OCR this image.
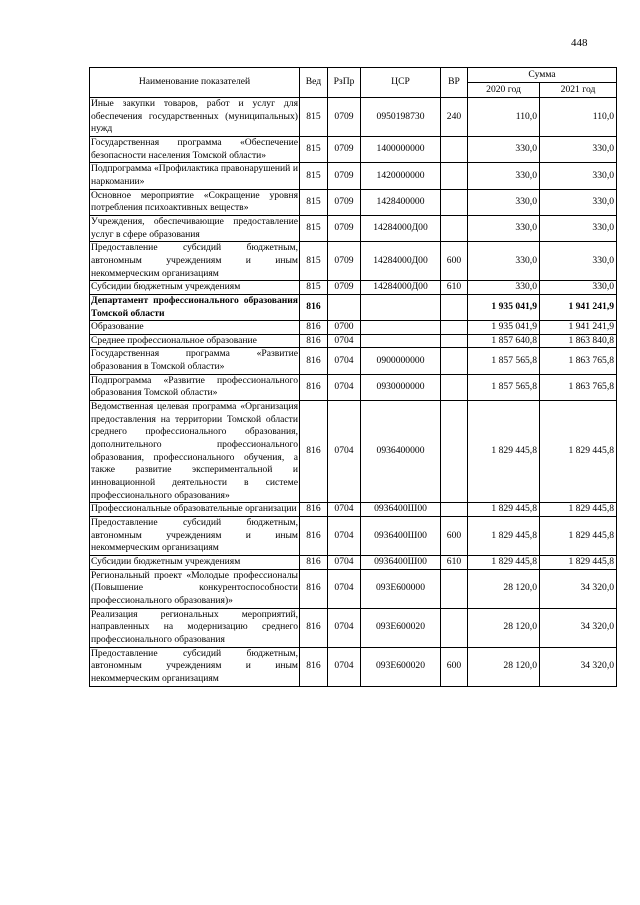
448
Наименование показателей	Вед	РзПр	ЦСР	ВР	Сумма	
					2020 год	2021 год
Иные закупки товаров, работ и услуг для обеспечения государственных (муниципальных) нужд	815	0709	0950198730	240	110,0	110,0
Государственная программа «Обеспечение безопасности населения Томской области»	815	0709	1400000000		330,0	330,0
Подпрограмма «Профилактика правонарушений и наркомании»	815	0709	1420000000		330,0	330,0
Основное мероприятие «Сокращение уровня потребления психоактивных веществ»	815	0709	1428400000		330,0	330,0
Учреждения, обеспечивающие предоставление услуг в сфере образования	815	0709	14284000Д00		330,0	330,0
Предоставление субсидий бюджетным, автономным учреждениям и иным некоммерческим организациям	815	0709	14284000Д00	600	330,0	330,0
Субсидии бюджетным учреждениям	815	0709	14284000Д00	610	330,0	330,0
Департамент профессионального образования Томской области	816				1 935 041,9	1 941 241,9
Образование	816	0700			1 935 041,9	1 941 241,9
Среднее профессиональное образование	816	0704			1 857 640,8	1 863 840,8
Государственная программа «Развитие образования в Томской области»	816	0704	0900000000		1 857 565,8	1 863 765,8
Подпрограмма «Развитие профессионального образования Томской области»	816	0704	0930000000		1 857 565,8	1 863 765,8
Ведомственная целевая программа «Организация предоставления на территории Томской области среднего профессионального образования, дополнительного профессионального образования, профессионального обучения, а также развитие экспериментальной и инновационной деятельности в системе профессионального образования»	816	0704	0936400000		1 829 445,8	1 829 445,8
Профессиональные образовательные организации	816	0704	0936400Ш00		1 829 445,8	1 829 445,8
Предоставление субсидий бюджетным, автономным учреждениям и иным некоммерческим организациям	816	0704	0936400Ш00	600	1 829 445,8	1 829 445,8
Субсидии бюджетным учреждениям	816	0704	0936400Ш00	610	1 829 445,8	1 829 445,8
Региональный проект «Молодые профессионалы (Повышение конкурентоспособности профессионального образования)»	816	0704	093Е600000		28 120,0	34 320,0
Реализация региональных мероприятий, направленных на модернизацию среднего профессионального образования	816	0704	093Е600020		28 120,0	34 320,0
Предоставление субсидий бюджетным, автономным учреждениям и иным некоммерческим организациям	816	0704	093Е600020	600	28 120,0	34 320,0
